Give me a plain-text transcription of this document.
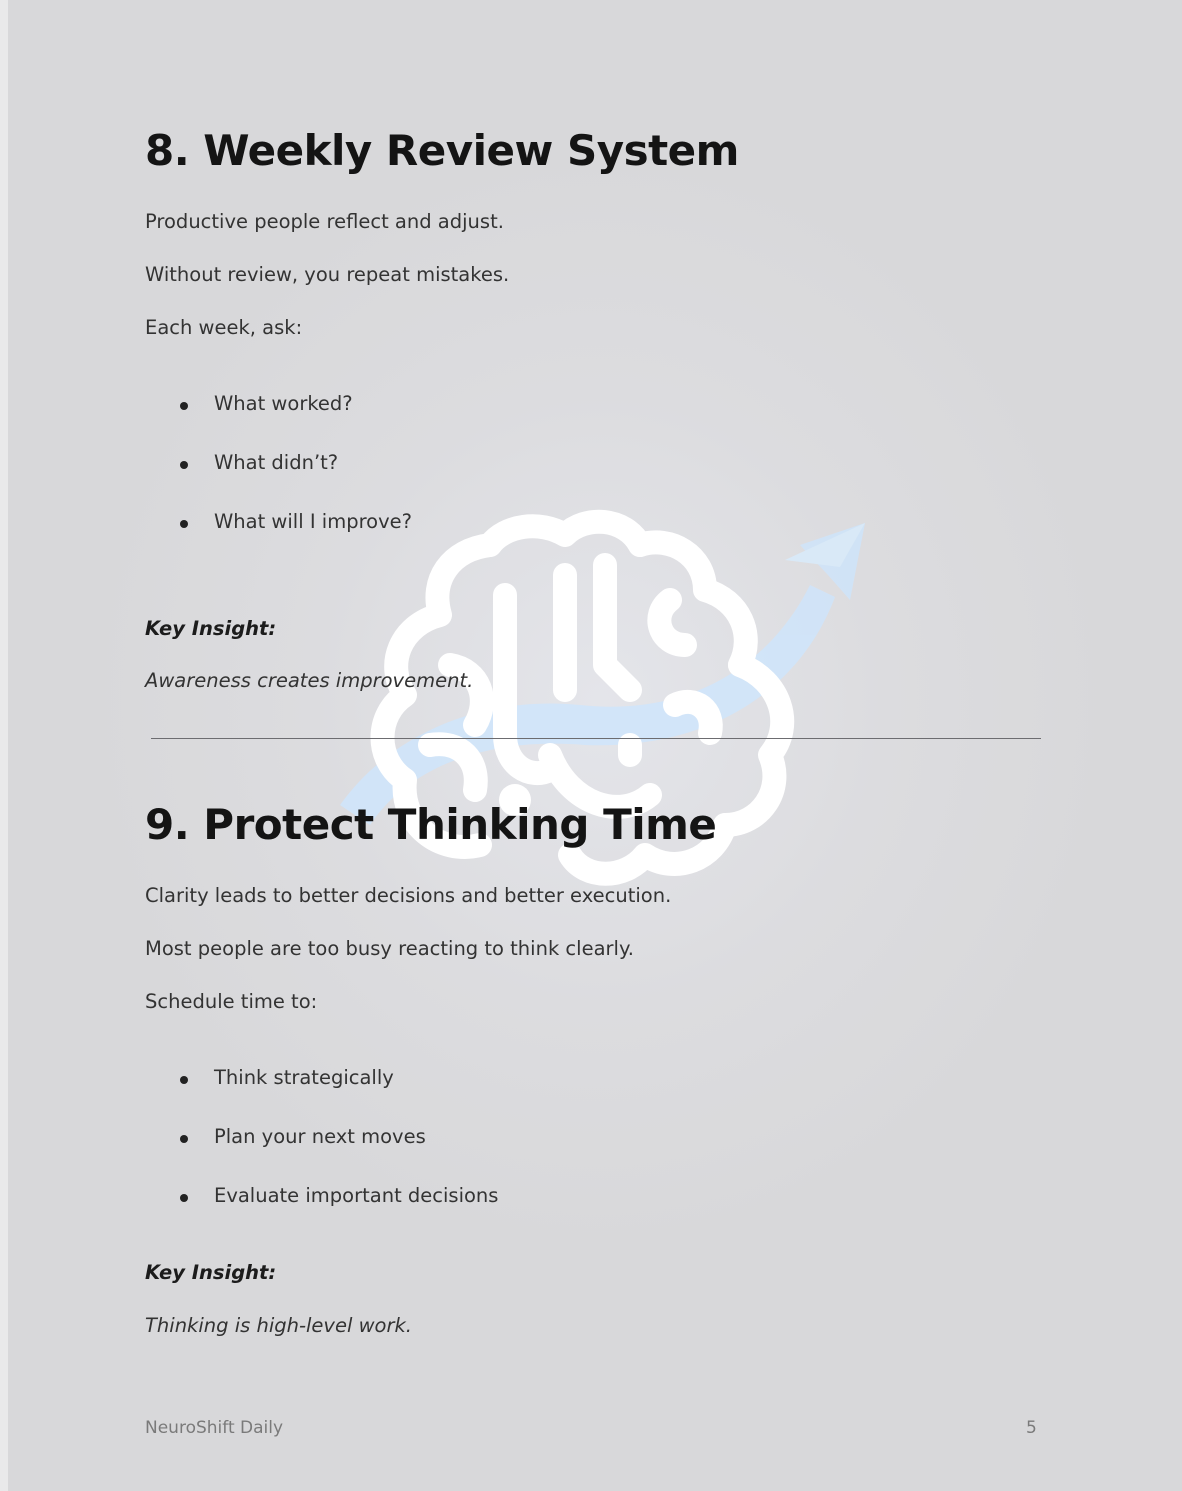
8. Weekly Review System

Productive people reflect and adjust.

Without review, you repeat mistakes.

Each week, ask:

What worked?
What didn’t?
What will I improve?
Key Insight:
Awareness creates improvement.
9. Protect Thinking Time

Clarity leads to better decisions and better execution.

Most people are too busy reacting to think clearly.

Schedule time to:

Think strategically
Plan your next moves
Evaluate important decisions
Key Insight:
Thinking is high-level work.
NeuroShift Daily	5
